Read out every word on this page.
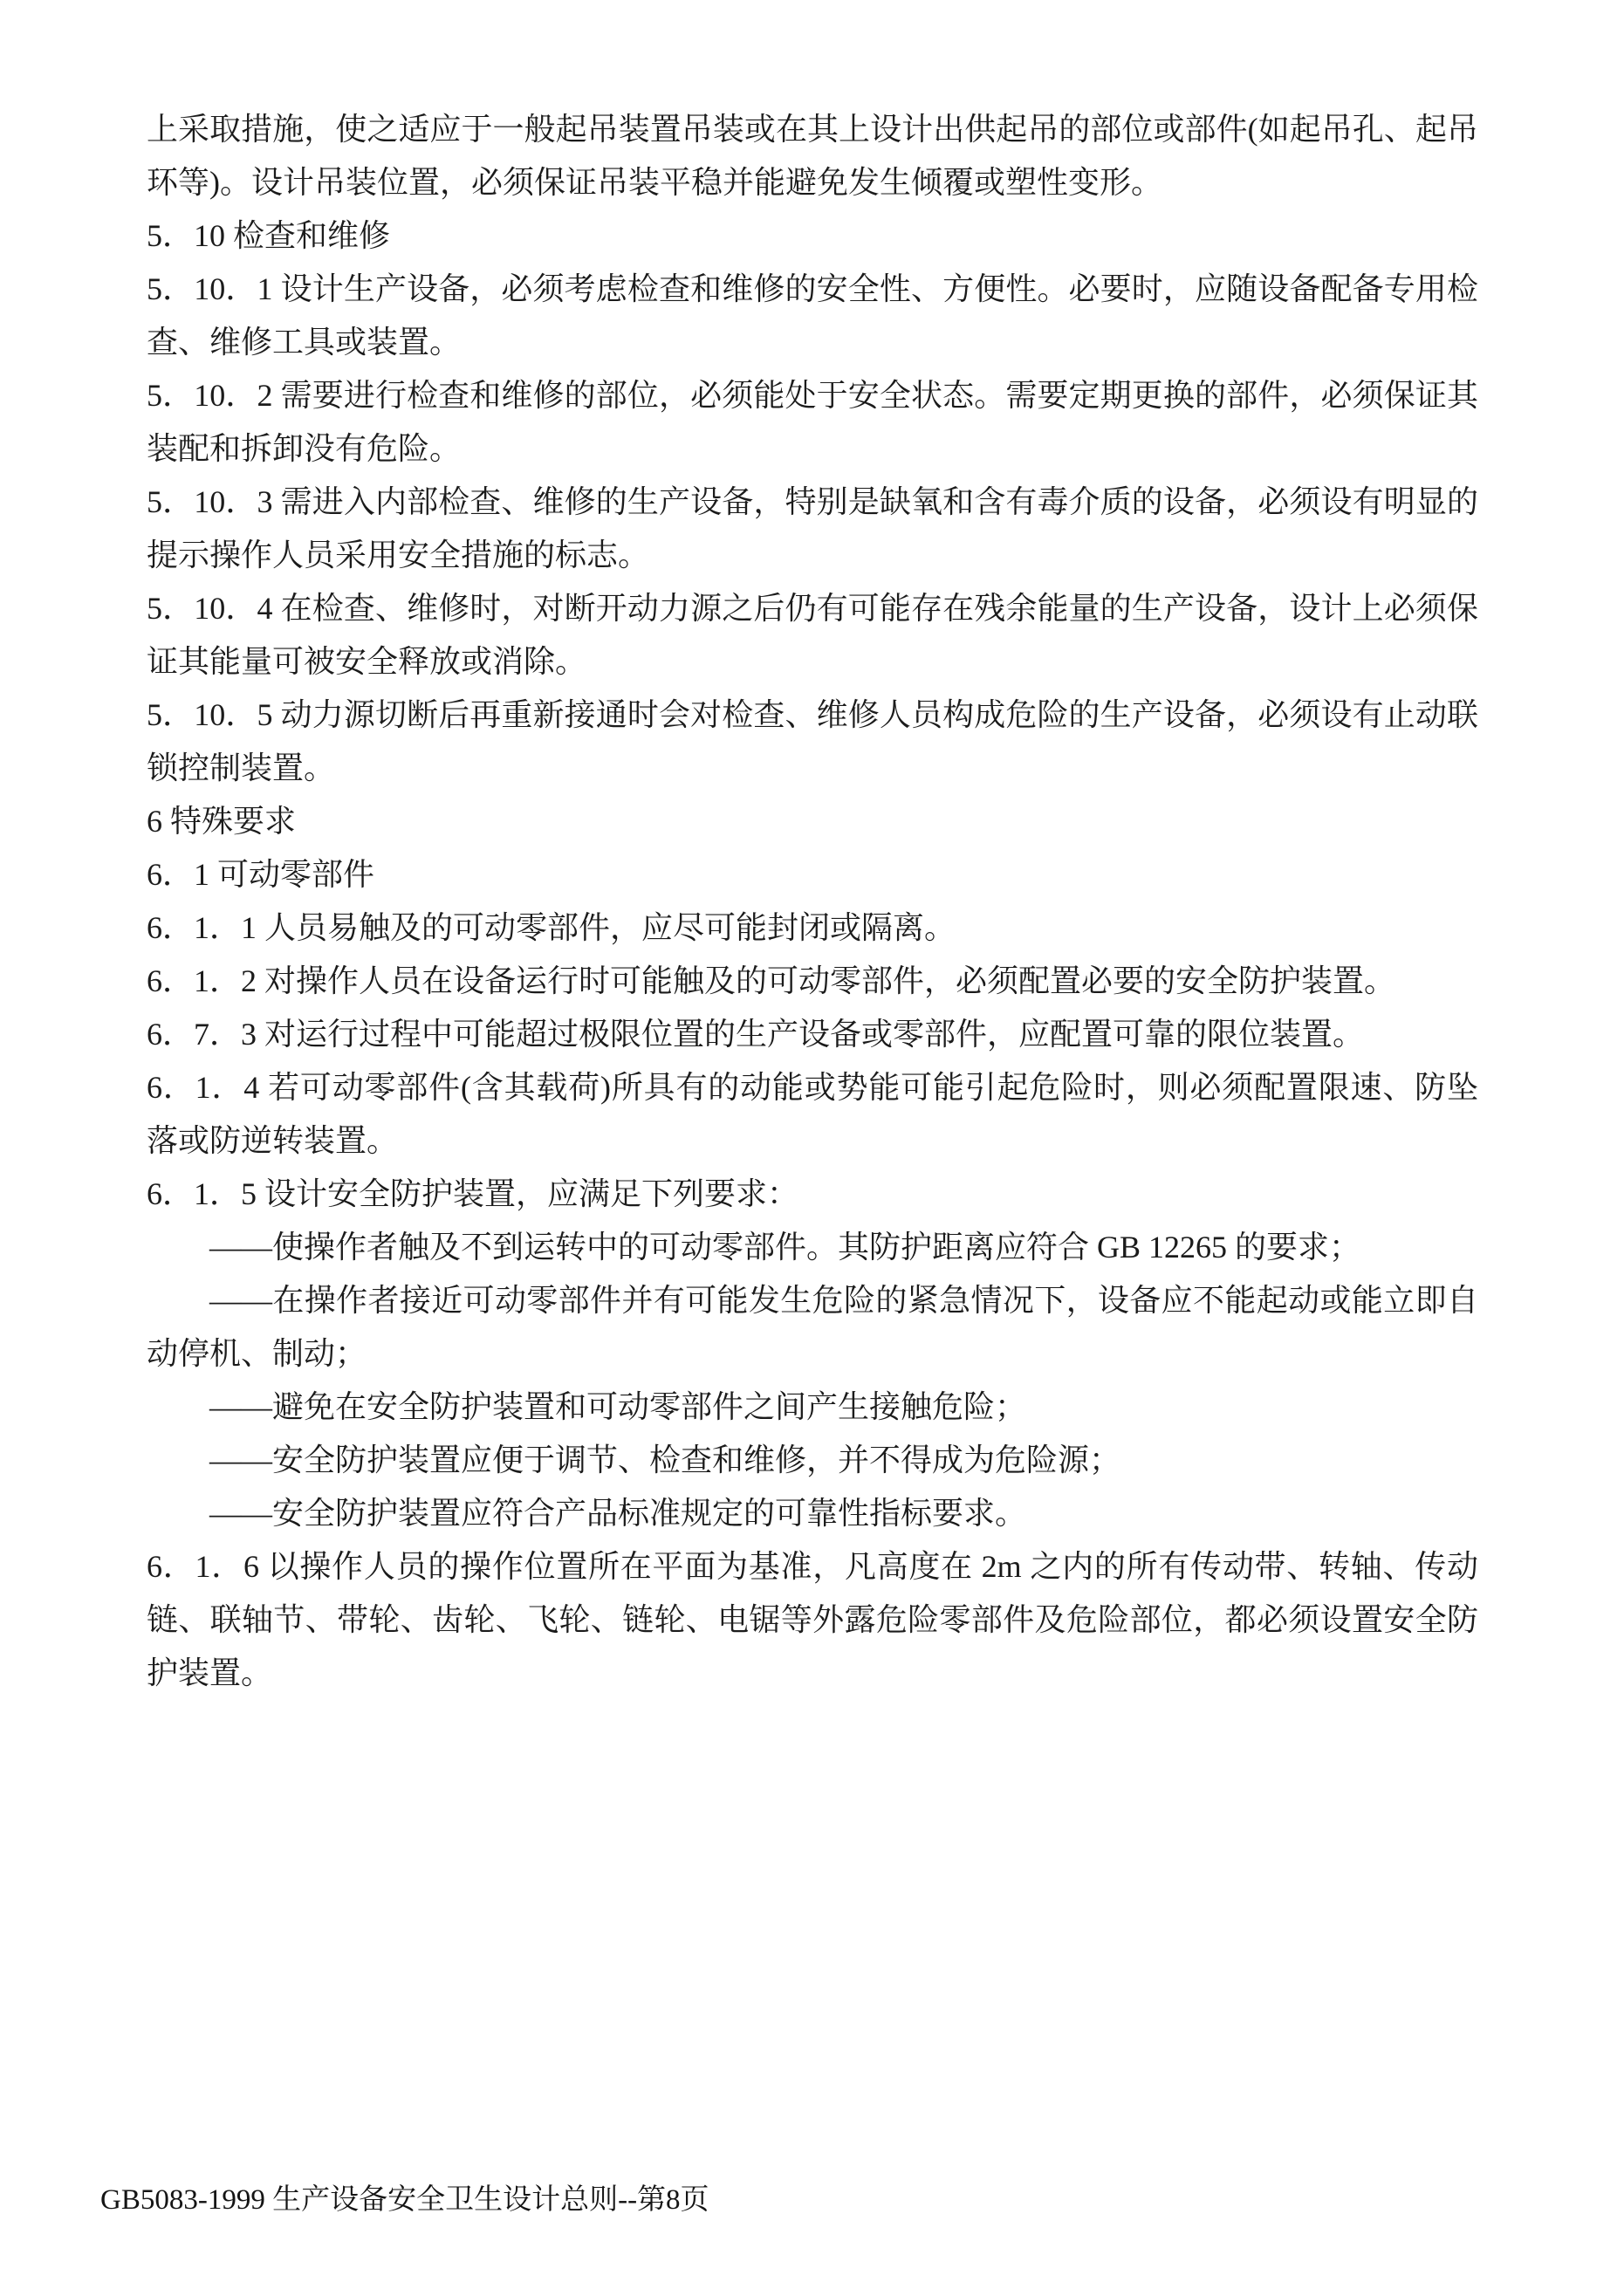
上采取措施，使之适应于一般起吊装置吊装或在其上设计出供起吊的部位或部件(如起吊孔、起吊环等)。设计吊装位置，必须保证吊装平稳并能避免发生倾覆或塑性变形。

5．10 检查和维修

5．10．1 设计生产设备，必须考虑检查和维修的安全性、方便性。必要时，应随设备配备专用检查、维修工具或装置。

5．10．2 需要进行检查和维修的部位，必须能处于安全状态。需要定期更换的部件，必须保证其装配和拆卸没有危险。

5．10．3 需进入内部检查、维修的生产设备，特别是缺氧和含有毒介质的设备，必须设有明显的提示操作人员采用安全措施的标志。

5．10．4 在检查、维修时，对断开动力源之后仍有可能存在残余能量的生产设备，设计上必须保证其能量可被安全释放或消除。

5．10．5 动力源切断后再重新接通时会对检查、维修人员构成危险的生产设备，必须设有止动联锁控制装置。

6 特殊要求

6．1 可动零部件

6．1．1 人员易触及的可动零部件，应尽可能封闭或隔离。

6．1．2 对操作人员在设备运行时可能触及的可动零部件，必须配置必要的安全防护装置。

6．7．3 对运行过程中可能超过极限位置的生产设备或零部件，应配置可靠的限位装置。

6．1．4 若可动零部件(含其载荷)所具有的动能或势能可能引起危险时，则必须配置限速、防坠落或防逆转装置。

6．1．5 设计安全防护装置，应满足下列要求：

——使操作者触及不到运转中的可动零部件。其防护距离应符合 GB 12265 的要求；

——在操作者接近可动零部件并有可能发生危险的紧急情况下，设备应不能起动或能立即自动停机、制动；

——避免在安全防护装置和可动零部件之间产生接触危险；

——安全防护装置应便于调节、检查和维修，并不得成为危险源；

——安全防护装置应符合产品标准规定的可靠性指标要求。

6．1．6 以操作人员的操作位置所在平面为基准，凡高度在 2m 之内的所有传动带、转轴、传动链、联轴节、带轮、齿轮、飞轮、链轮、电锯等外露危险零部件及危险部位，都必须设置安全防护装置。

GB5083-1999 生产设备安全卫生设计总则--第8页
